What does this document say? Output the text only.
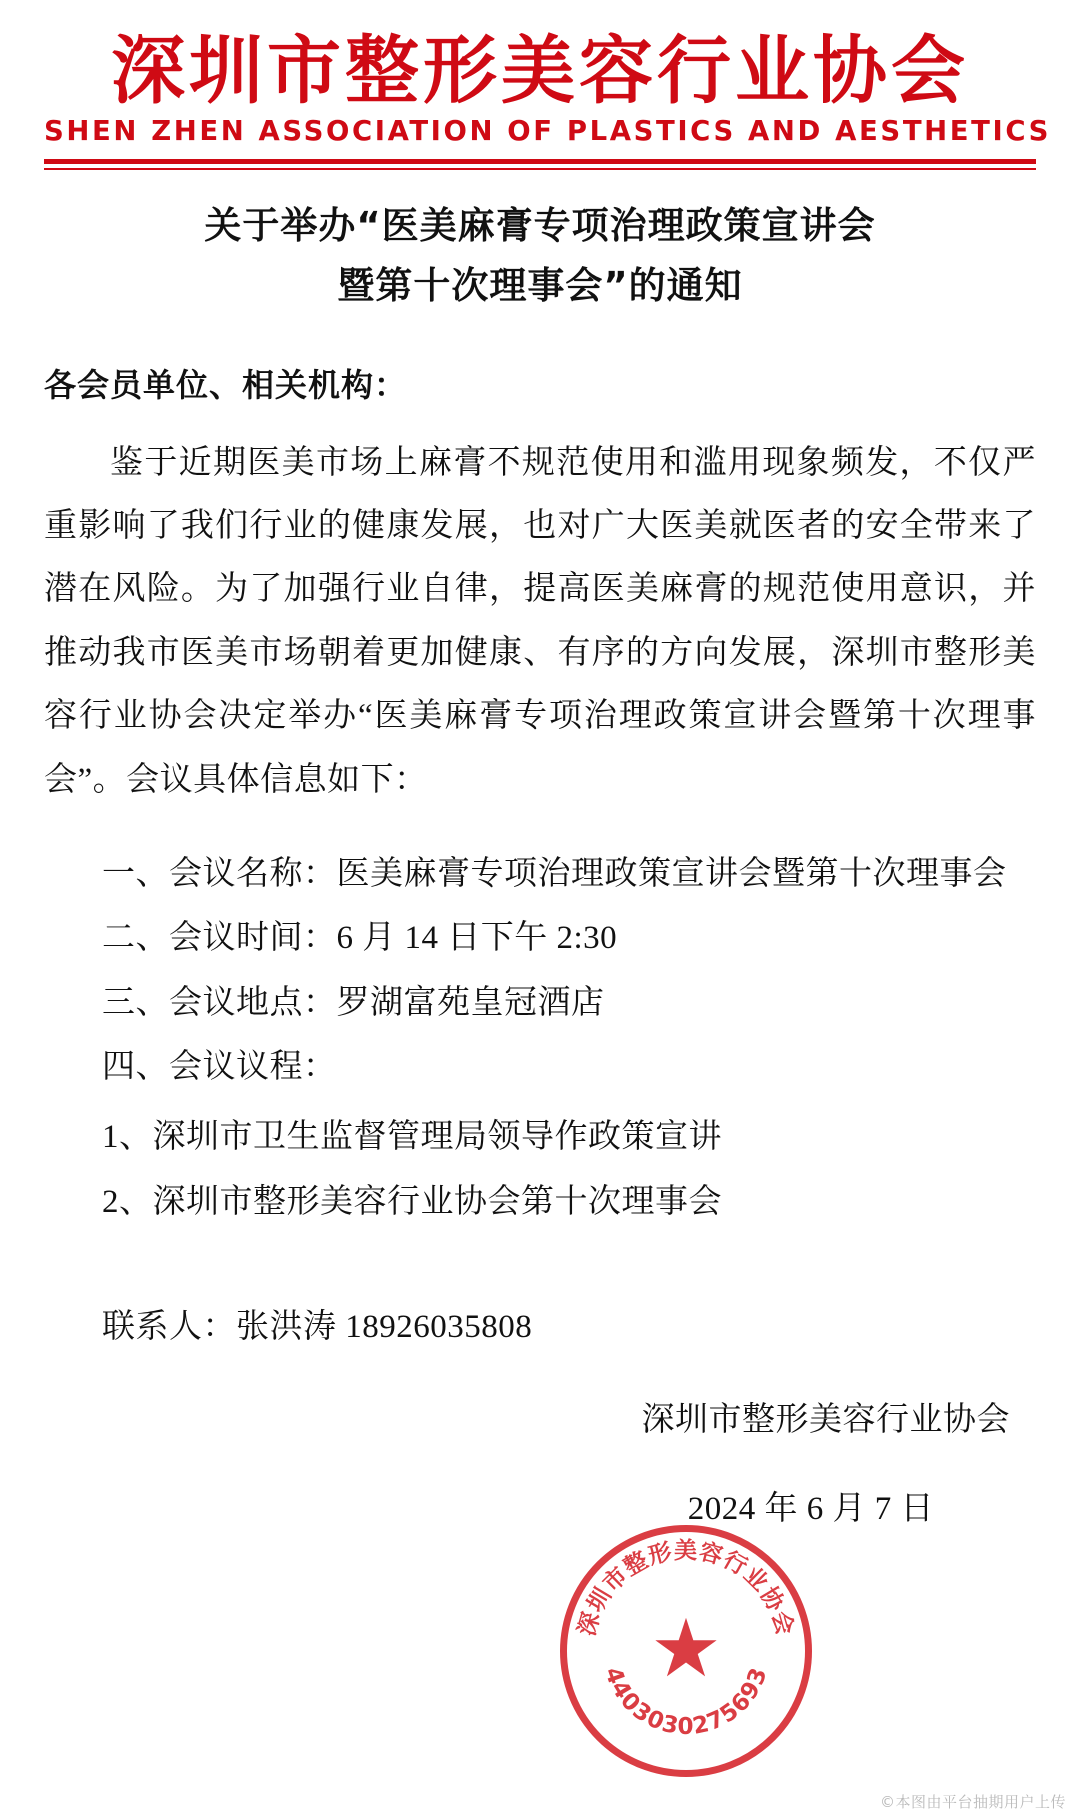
深圳市整形美容行业协会
SHEN ZHEN ASSOCIATION OF PLASTICS AND AESTHETICS
关于举办“医美麻膏专项治理政策宣讲会
暨第十次理事会”的通知
各会员单位、相关机构：
鉴于近期医美市场上麻膏不规范使用和滥用现象频发，不仅严重影响了我们行业的健康发展，也对广大医美就医者的安全带来了潜在风险。为了加强行业自律，提高医美麻膏的规范使用意识，并推动我市医美市场朝着更加健康、有序的方向发展，深圳市整形美容行业协会决定举办“医美麻膏专项治理政策宣讲会暨第十次理事会”。会议具体信息如下：
一、会议名称：医美麻膏专项治理政策宣讲会暨第十次理事会
二、会议时间：6 月 14 日下午 2:30
三、会议地点：罗湖富苑皇冠酒店
四、会议议程：
1、深圳市卫生监督管理局领导作政策宣讲
2、深圳市整形美容行业协会第十次理事会
联系人：张洪涛 18926035808
深圳市整形美容行业协会
2024 年 6 月 7 日
深圳市整形美容行业协会
4403030275693
★
©本图由平台抽期用户上传
